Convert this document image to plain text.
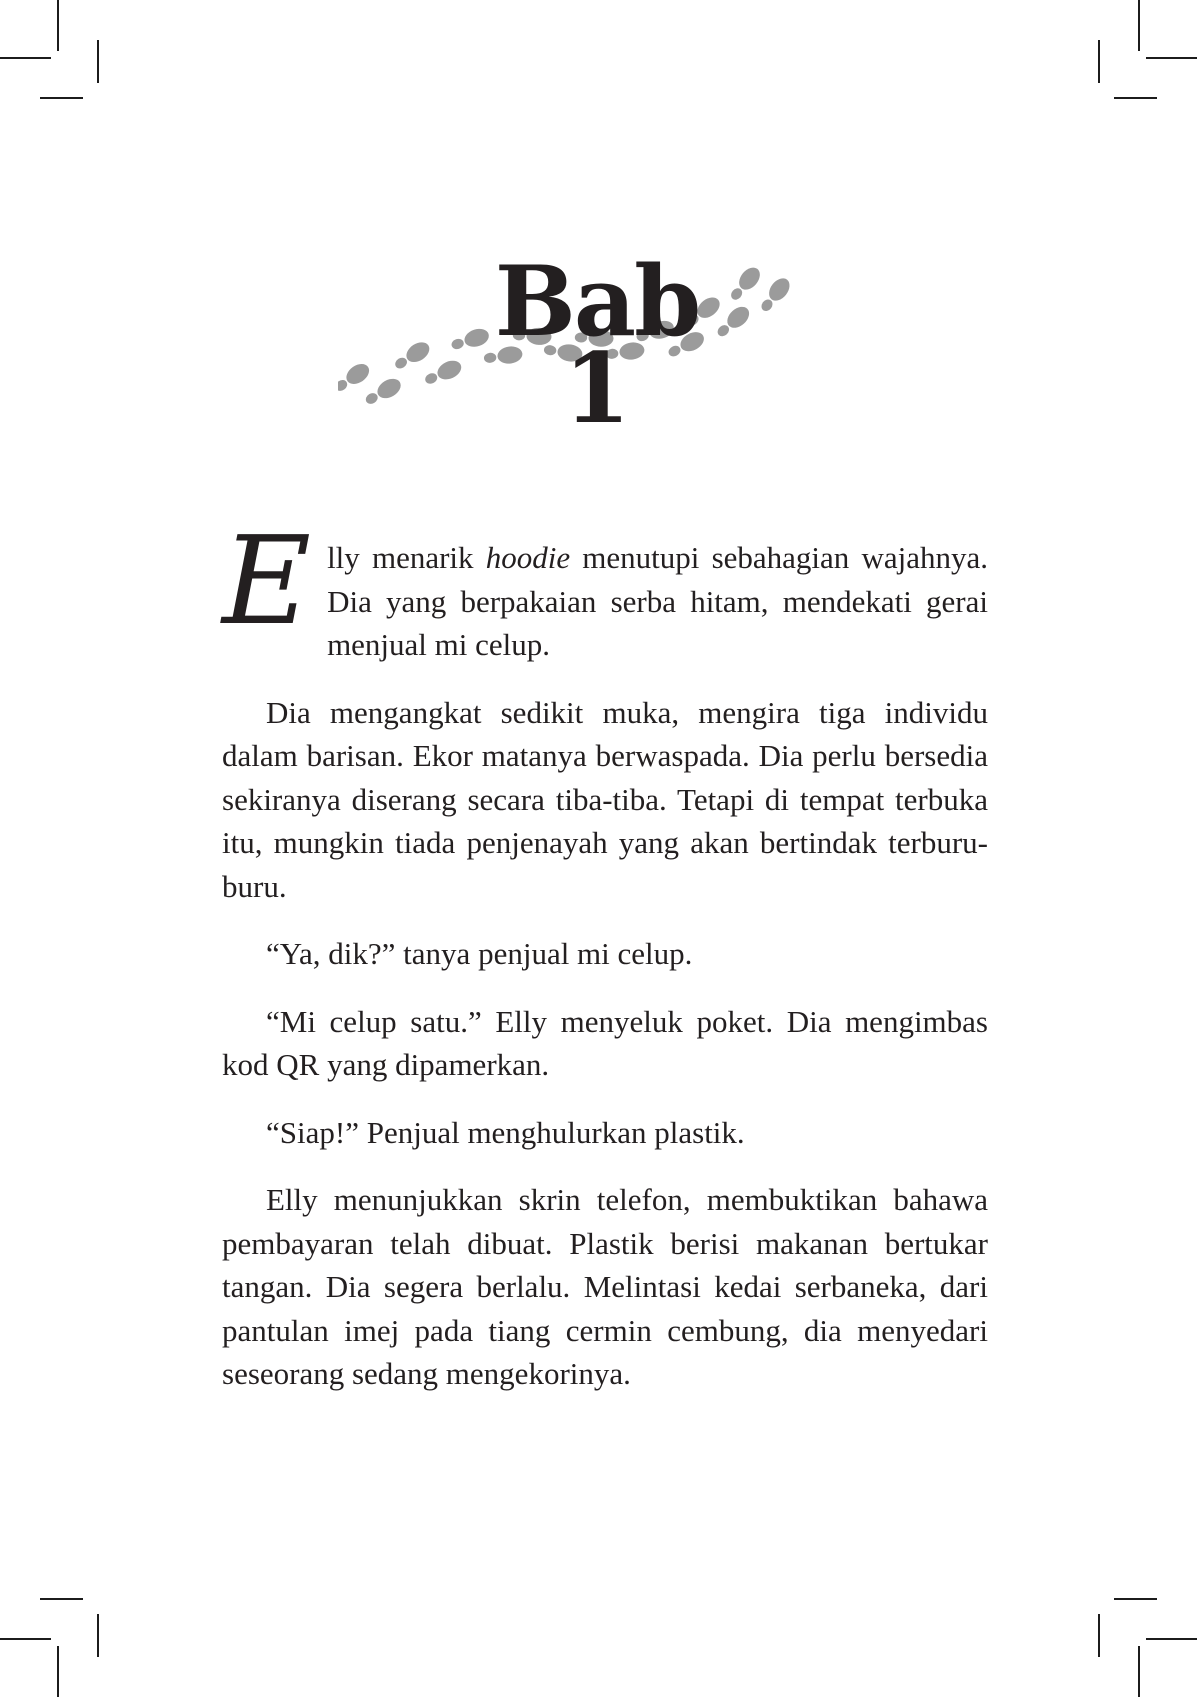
Bab
1

Elly menarik hoodie menutupi sebahagian wajahnya. Dia yang berpakaian serba hitam, mendekati gerai menjual mi celup.

Dia mengangkat sedikit muka, mengira tiga individu dalam barisan. Ekor matanya berwaspada. Dia perlu bersedia sekiranya diserang secara tiba-tiba. Tetapi di tempat terbuka itu, mungkin tiada penjenayah yang akan bertindak terburu-buru.

“Ya, dik?” tanya penjual mi celup.

“Mi celup satu.” Elly menyeluk poket. Dia mengimbas kod QR yang dipamerkan.

“Siap!” Penjual menghulurkan plastik.

Elly menunjukkan skrin telefon, membuktikan bahawa pembayaran telah dibuat. Plastik berisi makanan bertukar tangan. Dia segera berlalu. Melintasi kedai serbaneka, dari pantulan imej pada tiang cermin cembung, dia menyedari seseorang sedang mengekorinya.
